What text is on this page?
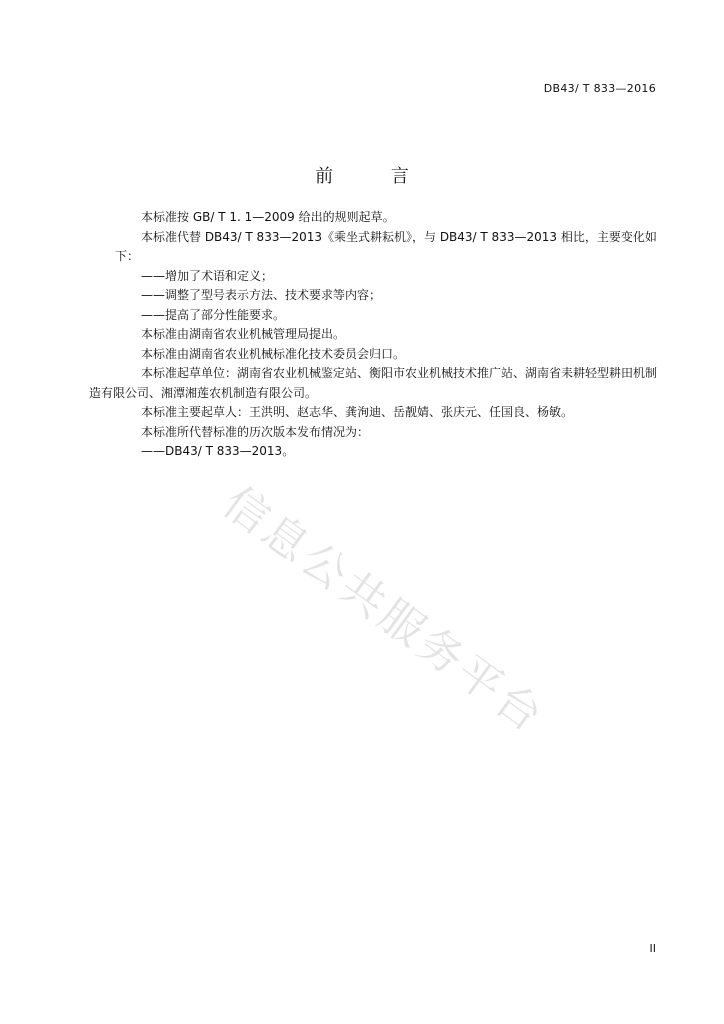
DB43/ T 833—2016
前 言

本标准按 GB/ T 1. 1—2009 给出的规则起草。

本标准代替 DB43/ T 833—2013《乘坐式耕耘机》，与 DB43/ T 833—2013 相比，主要变化如下：

——增加了术语和定义；

——调整了型号表示方法、技术要求等内容；

——提高了部分性能要求。

本标准由湖南省农业机械管理局提出。

本标准由湖南省农业机械标准化技术委员会归口。

本标准起草单位：湖南省农业机械鉴定站、衡阳市农业机械技术推广站、湖南省耒耕轻型耕田机制造有限公司、湘潭湘莲农机制造有限公司。

本标准主要起草人：王洪明、赵志华、龚洵迪、岳靓婧、张庆元、任国良、杨敏。

本标准所代替标准的历次版本发布情况为：

——DB43/ T 833—2013。

信息公共服务平台
II
